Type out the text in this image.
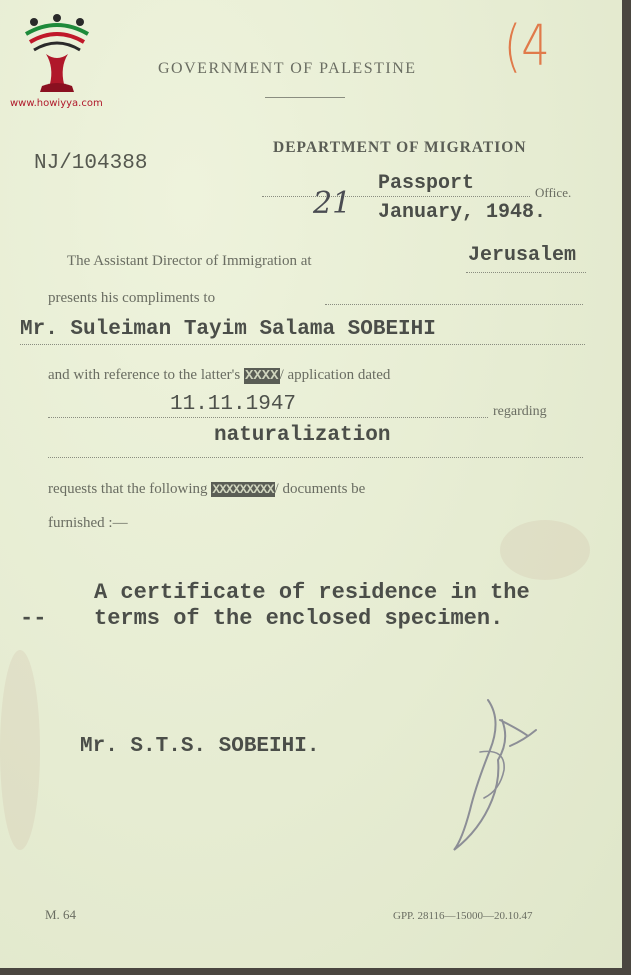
www.howiyya.com
GOVERNMENT OF PALESTINE (4
DEPARTMENT OF MIGRATION
NJ/104388
Passport	Office.
21 January, 1948.
The Assistant Director of Immigration at	Jerusalem
presents his compliments to
Mr. Suleiman Tayim Salama SOBEIHI
and with reference to the latter's XXXX/ application dated
11.11.1947	regarding
naturalization
requests that the following XXXXXXXXX/ documents be
furnished :—
--
A certificate of residence in the
terms of the enclosed specimen.
Mr. S.T.S. SOBEIHI.
M. 64	GPP. 28116—15000—20.10.47
